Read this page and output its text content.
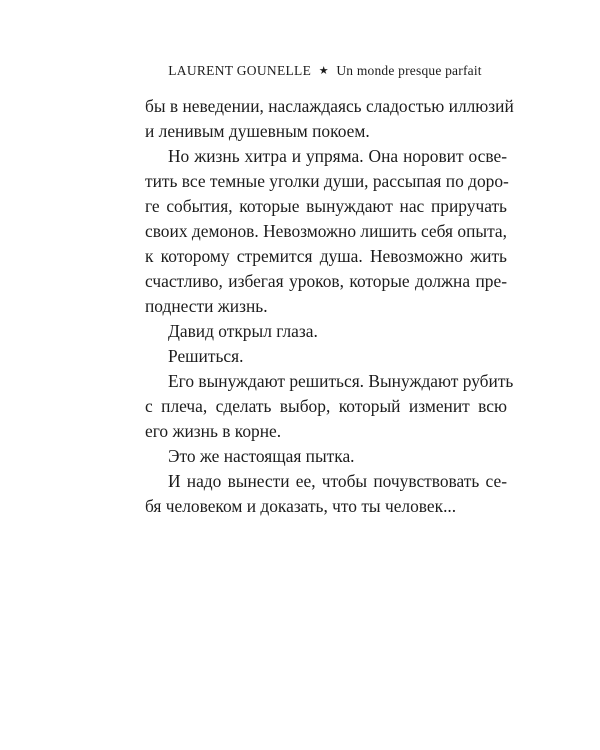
LAURENT GOUNELLE ★ Un monde presque parfait
бы в неведении, наслаждаясь сладостью иллюзий
и ленивым душевным покоем.
Но жизнь хитра и упряма. Она норовит осве-
тить все темные уголки души, рассыпая по доро-
ге события, которые вынуждают нас приручать
своих демонов. Невозможно лишить себя опыта,
к которому стремится душа. Невозможно жить
счастливо, избегая уроков, которые должна пре-
поднести жизнь.
Давид открыл глаза.
Решиться.
Его вынуждают решиться. Вынуждают рубить
с плеча, сделать выбор, который изменит всю
его жизнь в корне.
Это же настоящая пытка.
И надо вынести ее, чтобы почувствовать се-
бя человеком и доказать, что ты человек...
